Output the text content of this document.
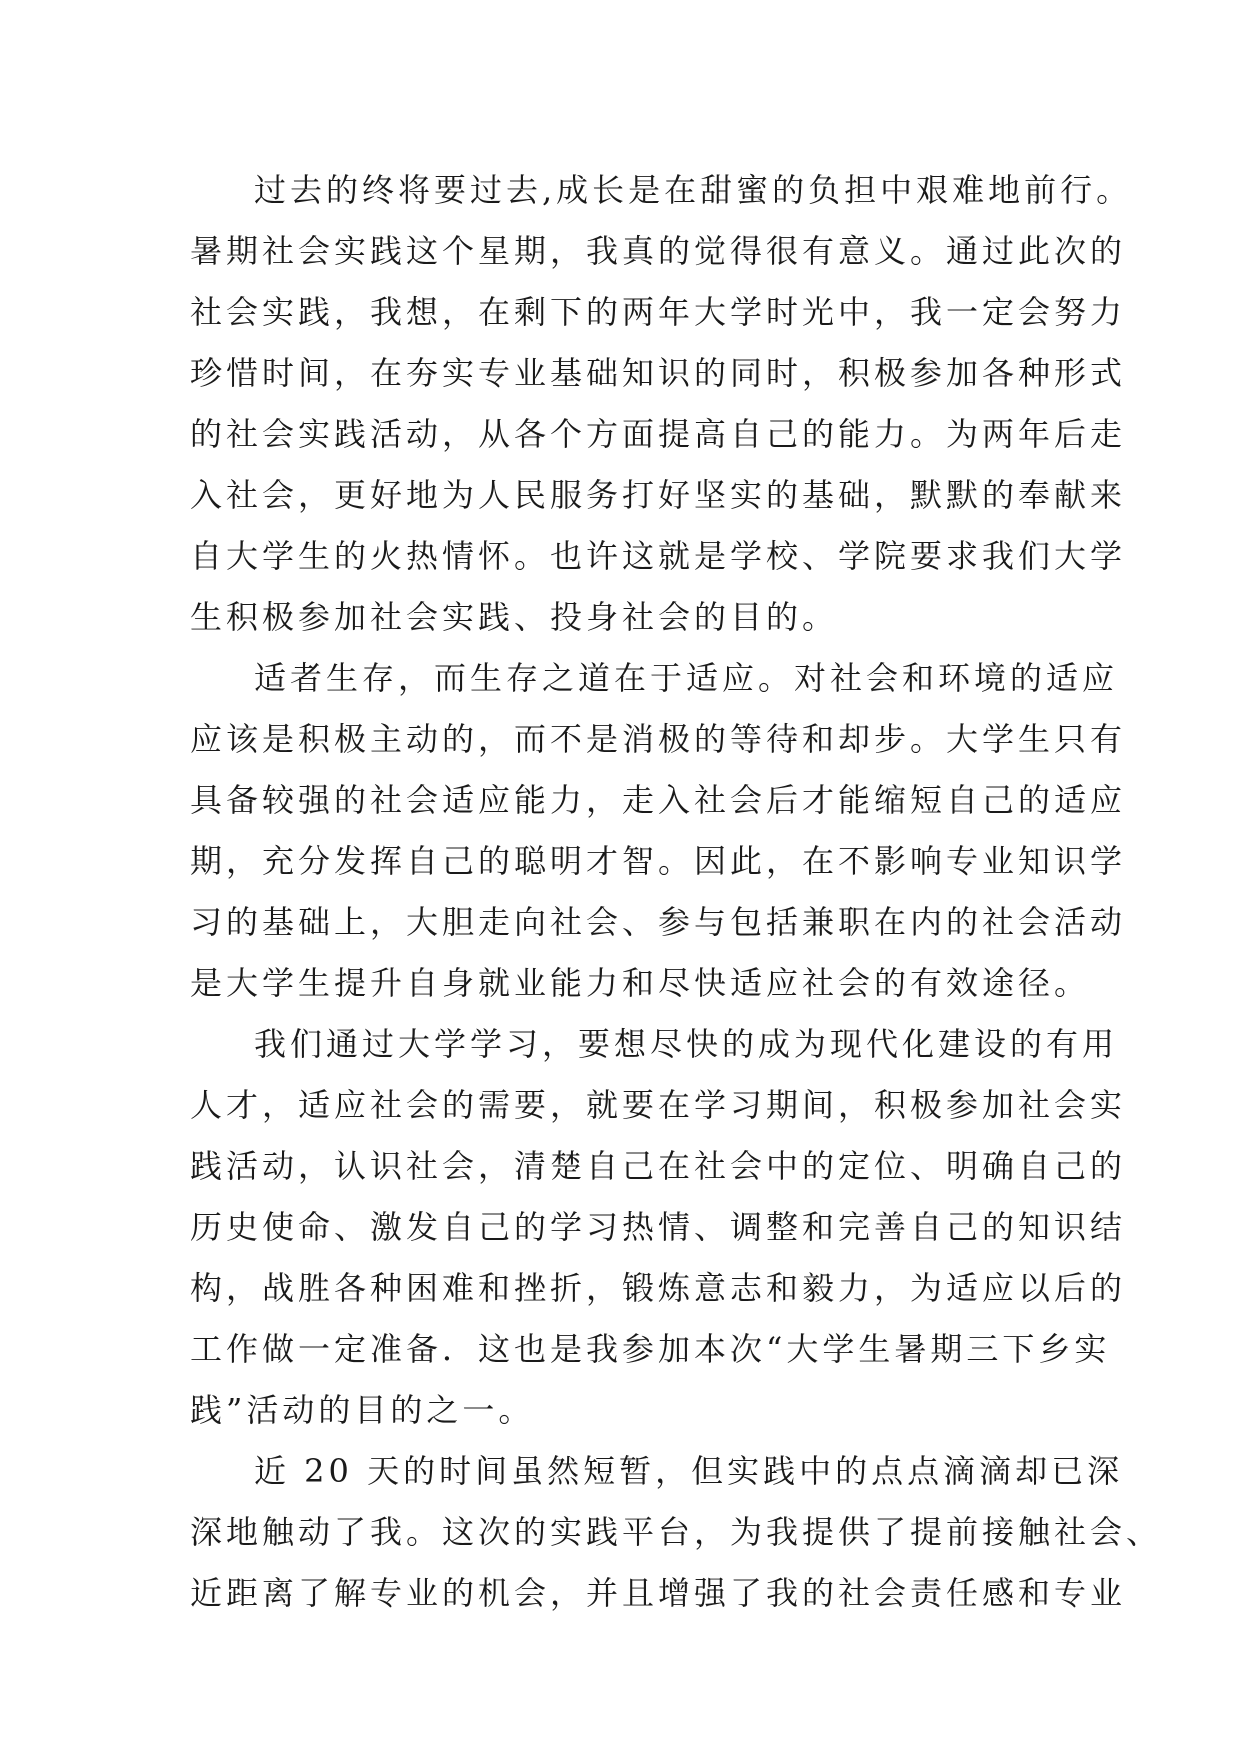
过去的终将要过去,成长是在甜蜜的负担中艰难地前行。
暑期社会实践这个星期，我真的觉得很有意义。通过此次的
社会实践，我想，在剩下的两年大学时光中，我一定会努力
珍惜时间，在夯实专业基础知识的同时，积极参加各种形式
的社会实践活动，从各个方面提高自己的能力。为两年后走
入社会，更好地为人民服务打好坚实的基础，默默的奉献来
自大学生的火热情怀。也许这就是学校、学院要求我们大学
生积极参加社会实践、投身社会的目的。
适者生存，而生存之道在于适应。对社会和环境的适应
应该是积极主动的，而不是消极的等待和却步。大学生只有
具备较强的社会适应能力，走入社会后才能缩短自己的适应
期，充分发挥自己的聪明才智。因此，在不影响专业知识学
习的基础上，大胆走向社会、参与包括兼职在内的社会活动
是大学生提升自身就业能力和尽快适应社会的有效途径。
我们通过大学学习，要想尽快的成为现代化建设的有用
人才，适应社会的需要，就要在学习期间，积极参加社会实
践活动，认识社会，清楚自己在社会中的定位、明确自己的
历史使命、激发自己的学习热情、调整和完善自己的知识结
构，战胜各种困难和挫折，锻炼意志和毅力，为适应以后的
工作做一定准备．这也是我参加本次“大学生暑期三下乡实
践”活动的目的之一。
近 20 天的时间虽然短暂，但实践中的点点滴滴却已深
深地触动了我。这次的实践平台，为我提供了提前接触社会、
近距离了解专业的机会，并且增强了我的社会责任感和专业
